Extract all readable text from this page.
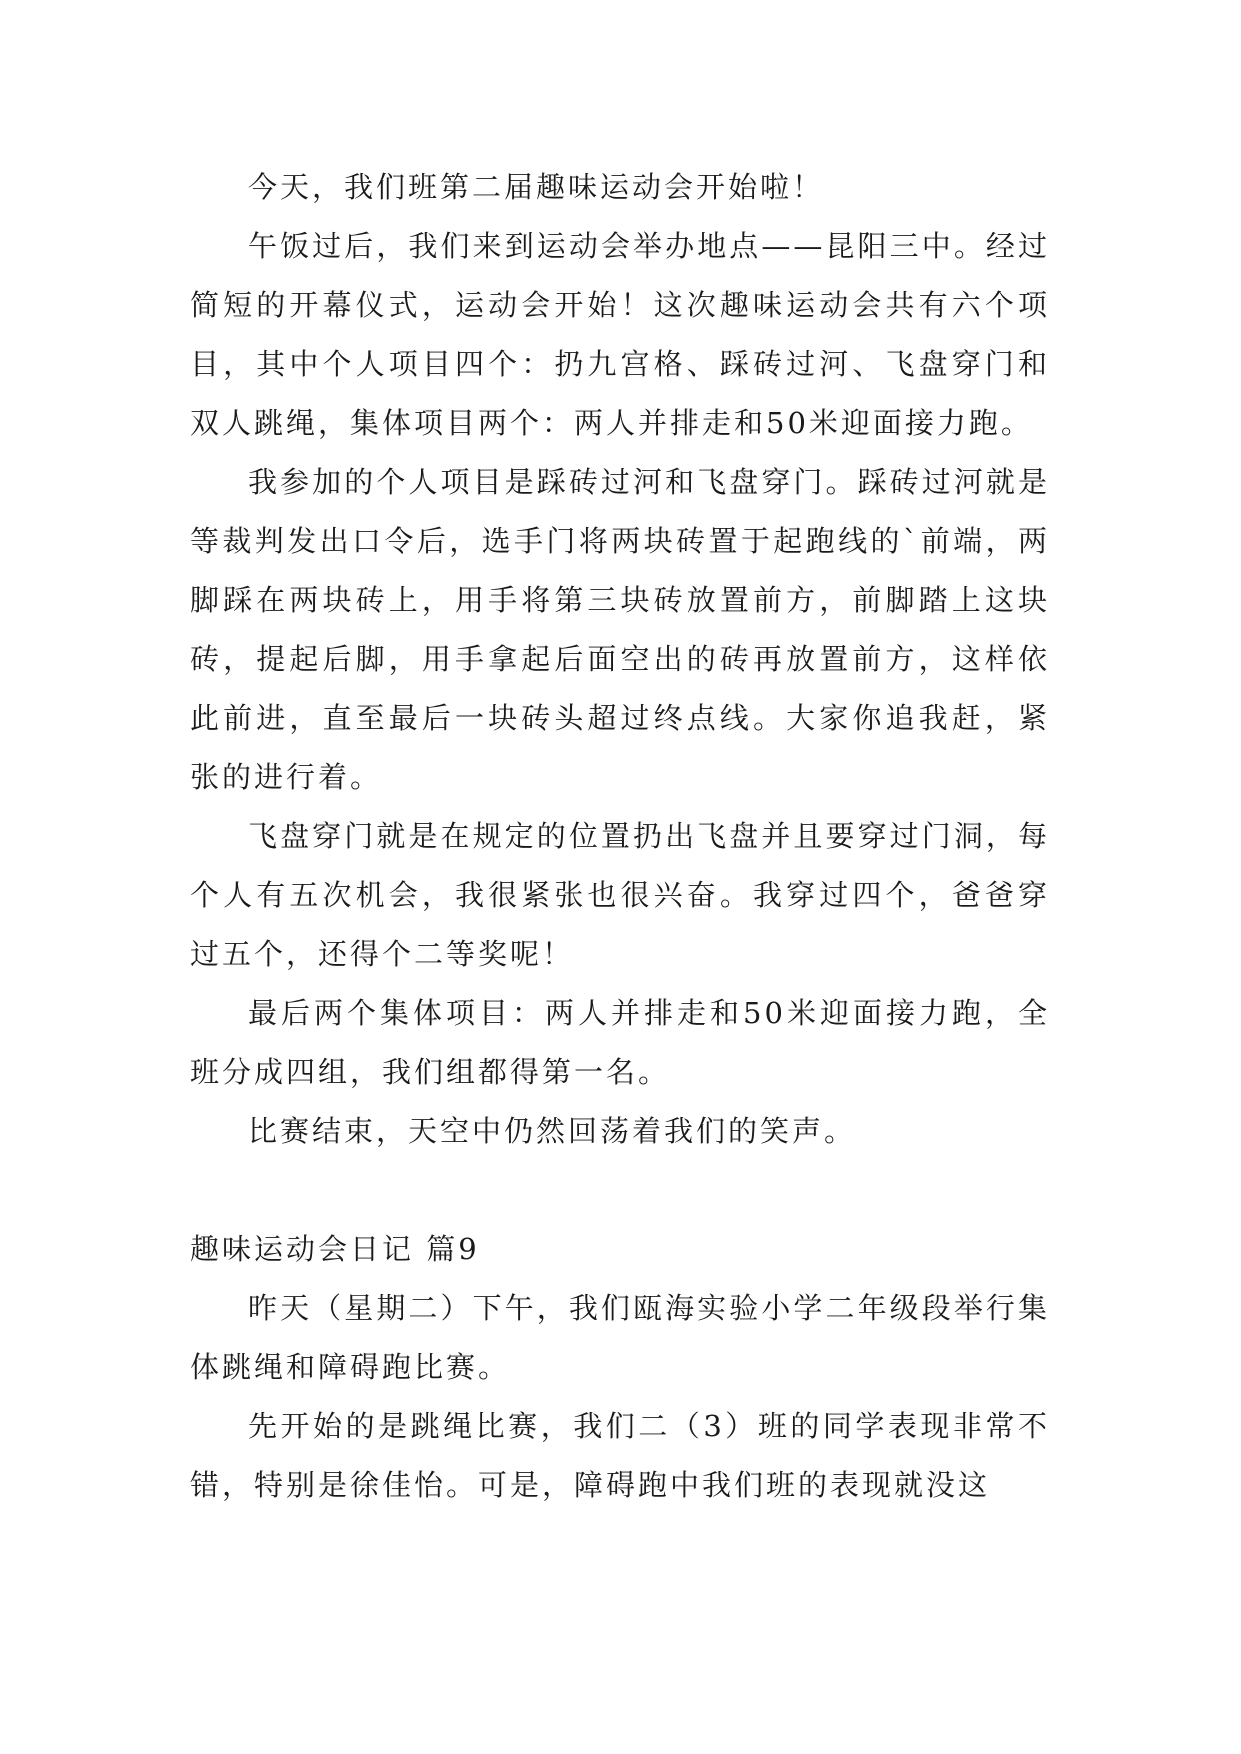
今天，我们班第二届趣味运动会开始啦！

午饭过后，我们来到运动会举办地点——昆阳三中。经过简短的开幕仪式，运动会开始！这次趣味运动会共有六个项目，其中个人项目四个：扔九宫格、踩砖过河、飞盘穿门和双人跳绳，集体项目两个：两人并排走和50米迎面接力跑。

我参加的个人项目是踩砖过河和飞盘穿门。踩砖过河就是等裁判发出口令后，选手门将两块砖置于起跑线的`前端，两脚踩在两块砖上，用手将第三块砖放置前方，前脚踏上这块砖，提起后脚，用手拿起后面空出的砖再放置前方，这样依此前进，直至最后一块砖头超过终点线。大家你追我赶，紧张的进行着。

飞盘穿门就是在规定的位置扔出飞盘并且要穿过门洞，每个人有五次机会，我很紧张也很兴奋。我穿过四个，爸爸穿过五个，还得个二等奖呢！

最后两个集体项目：两人并排走和50米迎面接力跑，全班分成四组，我们组都得第一名。

比赛结束，天空中仍然回荡着我们的笑声。

趣味运动会日记 篇9

昨天（星期二）下午，我们瓯海实验小学二年级段举行集体跳绳和障碍跑比赛。

先开始的是跳绳比赛，我们二（3）班的同学表现非常不错，特别是徐佳怡。可是，障碍跑中我们班的表现就没这
